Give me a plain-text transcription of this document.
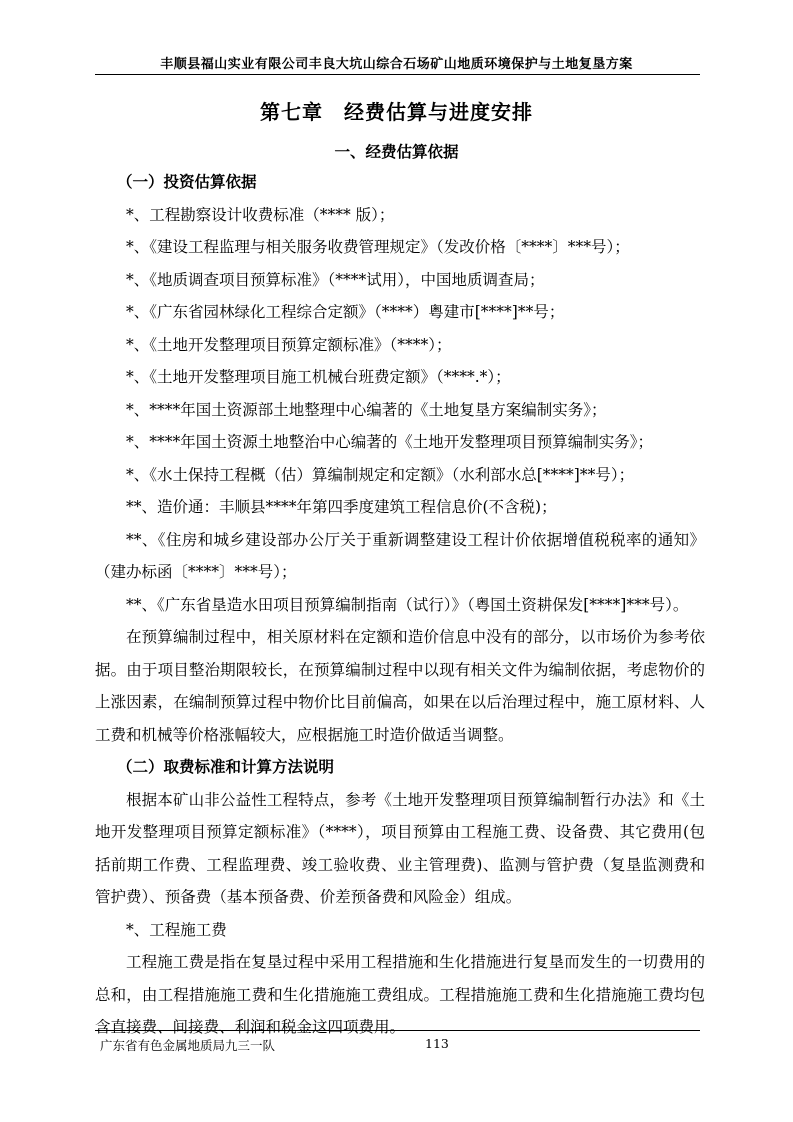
丰顺县福山实业有限公司丰良大坑山综合石场矿山地质环境保护与土地复垦方案
第七章　经费估算与进度安排
一、经费估算依据

（一）投资估算依据

*、工程勘察设计收费标准（**** 版）；

*、《建设工程监理与相关服务收费管理规定》（发改价格〔****〕***号）；

*、《地质调查项目预算标准》（****试用），中国地质调查局；

*、《广东省园林绿化工程综合定额》（****）粤建市[****]**号；

*、《土地开发整理项目预算定额标准》（****）；

*、《土地开发整理项目施工机械台班费定额》（****.*）；

*、****年国土资源部土地整理中心编著的《土地复垦方案编制实务》；

*、****年国土资源土地整治中心编著的《土地开发整理项目预算编制实务》；

*、《水土保持工程概（估）算编制规定和定额》（水利部水总[****]**号）；

**、造价通：丰顺县****年第四季度建筑工程信息价(不含税)；

**、《住房和城乡建设部办公厅关于重新调整建设工程计价依据增值税税率的通知》（建办标函〔****〕***号）；

**、《广东省垦造水田项目预算编制指南（试行）》（粤国土资耕保发[****]***号）。

在预算编制过程中，相关原材料在定额和造价信息中没有的部分，以市场价为参考依据。由于项目整治期限较长，在预算编制过程中以现有相关文件为编制依据，考虑物价的上涨因素，在编制预算过程中物价比目前偏高，如果在以后治理过程中，施工原材料、人工费和机械等价格涨幅较大，应根据施工时造价做适当调整。

（二）取费标准和计算方法说明

根据本矿山非公益性工程特点，参考《土地开发整理项目预算编制暂行办法》和《土地开发整理项目预算定额标准》（****），项目预算由工程施工费、设备费、其它费用(包括前期工作费、工程监理费、竣工验收费、业主管理费)、监测与管护费（复垦监测费和管护费）、预备费（基本预备费、价差预备费和风险金）组成。

*、工程施工费

工程施工费是指在复垦过程中采用工程措施和生化措施进行复垦而发生的一切费用的总和，由工程措施施工费和生化措施施工费组成。工程措施施工费和生化措施施工费均包含直接费、间接费、利润和税金这四项费用。

广东省有色金属地质局九三一队	113
